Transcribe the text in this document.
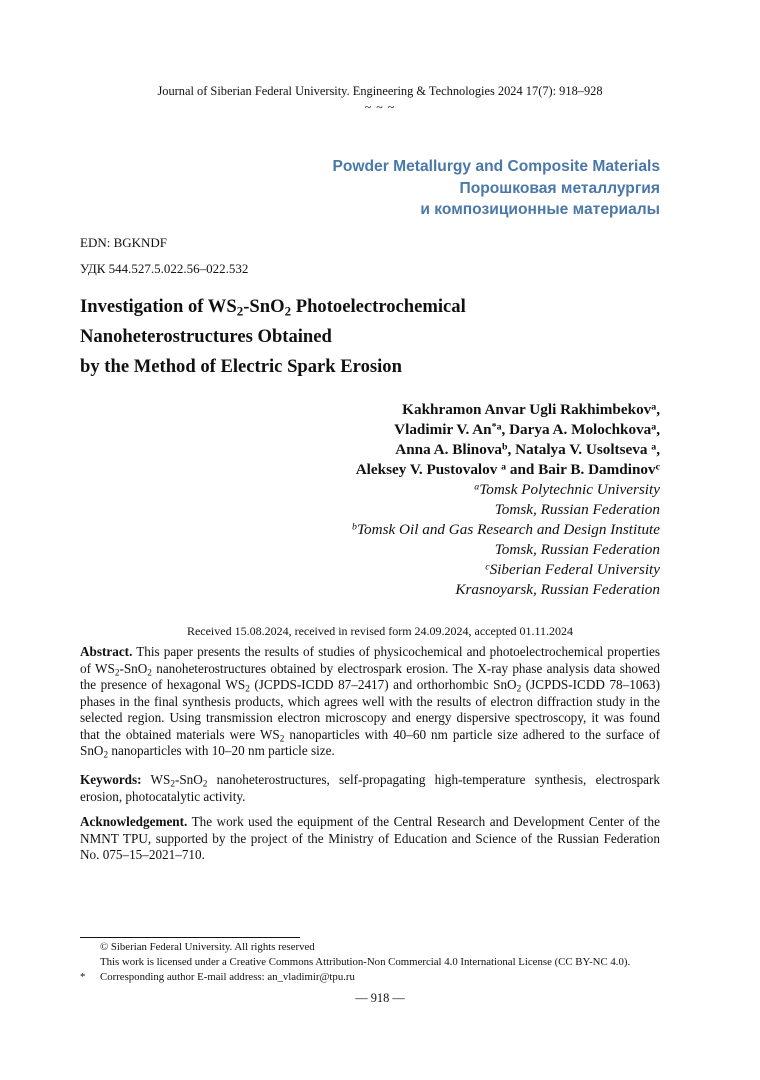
Journal of Siberian Federal University. Engineering & Technologies 2024 17(7): 918–928
~ ~ ~
Powder Metallurgy and Composite Materials
Порошковая металлургия
и композиционные материалы
EDN: BGKNDF
УДК 544.527.5.022.56–022.532
Investigation of $WS_2-SnO_2$ Photoelectrochemical
Nanoheterostructures Obtained
by the Method of Electric Spark Erosion
Kakhramon Anvar Ugli Rakhimbekov$^a$,
Vladimir V. An$^{*a}$, Darya A. Molochkova$^a$,
Anna A. Blinova$^b$, Natalya V. Usoltseva $^a$,
Aleksey V. Pustovalov $^a$ and Bair B. Damdinov$^c$
$^a$Tomsk Polytechnic University
Tomsk, Russian Federation
$^b$Tomsk Oil and Gas Research and Design Institute
Tomsk, Russian Federation
$^c$Siberian Federal University
Krasnoyarsk, Russian Federation
Received 15.08.2024, received in revised form 24.09.2024, accepted 01.11.2024
Abstract. This paper presents the results of studies of physicochemical and photoelectrochemical properties of $WS_2-SnO_2$ nanoheterostructures obtained by electrospark erosion. The X-ray phase analysis data showed the presence of hexagonal $WS_2$ (JCPDS-ICDD 87–2417) and orthorhombic SnO$_2$ (JCPDS-ICDD 78–1063) phases in the final synthesis products, which agrees well with the results of electron diffraction study in the selected region. Using transmission electron microscopy and energy dispersive spectroscopy, it was found that the obtained materials were $WS_2$ nanoparticles with 40–60 nm particle size adhered to the surface of SnO$_2$ nanoparticles with 10–20 nm particle size.
Keywords: $WS_2-SnO_2$ nanoheterostructures, self-propagating high-temperature synthesis, electrospark erosion, photocatalytic activity.
Acknowledgement. The work used the equipment of the Central Research and Development Center of the NMNT TPU, supported by the project of the Ministry of Education and Science of the Russian Federation No. 075–15–2021–710.
© Siberian Federal University. All rights reserved
This work is licensed under a Creative Commons Attribution-Non Commercial 4.0 International License (CC BY-NC 4.0).
* Corresponding author E-mail address: an_vladimir@tpu.ru
― 918 ―
